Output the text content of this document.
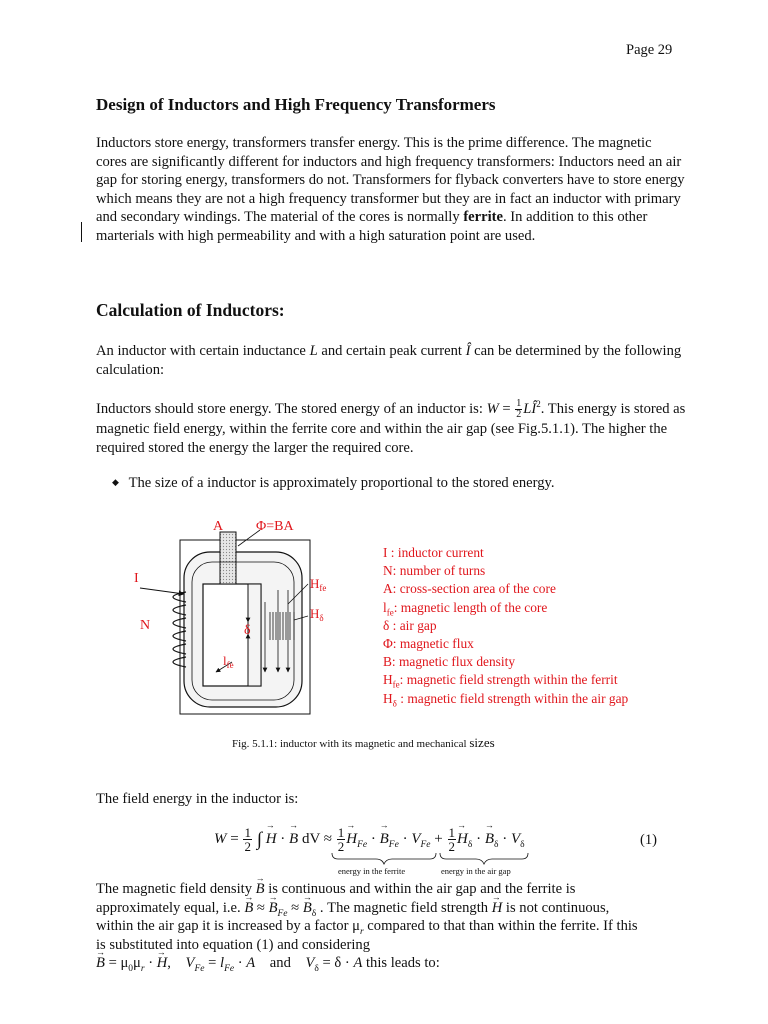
Page 29
Design of Inductors and High Frequency Transformers

Inductors store energy, transformers transfer energy. This is the prime difference. The magnetic cores are significantly different for inductors and high frequency transformers: Inductors need an air gap for storing energy, transformers do not. Transformers for flyback converters have to store energy which means they are not a high frequency transformer but they are in fact an inductor with primary and secondary windings. The material of the cores is normally ferrite. In addition to this other marterials with high permeability and with a high saturation point are used.

Calculation of Inductors:

An inductor with certain inductance L and certain peak current Î can be determined by the following calculation:

Inductors should store energy. The stored energy of an inductor is: $W = \frac{1}{2}$ $LÎ^2$. This energy is stored as magnetic field energy, within the ferrite core and within the air gap (see Fig.5.1.1). The higher the required stored the energy the larger the required core.

◆ The size of a inductor is approximately proportional to the stored energy.
A Φ=BA
I
N	δ
$l_{fe}$
$H_{fe}$
$H_\delta$
I : inductor current
N: number of turns
A: cross-section area of the core
$l_{fe}$: magnetic length of the core
δ : air gap
Φ: magnetic flux
B: magnetic flux density
$H_{fe}$: magnetic field strength within the ferrit
$H_\delta$ : magnetic field strength within the air gap
Fig. 5.1.1: inductor with its magnetic and mechanical sizes
The field energy in the inductor is:
$W = \frac{1}{2}$ ∫ → H · → B dV ≈ $\frac{1}{2}$
→ $H_{Fe}$ · → $B_{Fe} \cdot V_{Fe} + \frac{1}{2}$
→ $H_\delta$ · → $B_\delta \cdot V_\delta$	(1)
energy in the ferrite	energy in the air gap

The magnetic field density → B is continuous and within the air gap and the ferrite is

approximately equal, i.e. → B ≈ → $B_{Fe}$ ≈ → $B_\delta$ . The magnetic field strength → H is not continuous,

within the air gap it is increased by a factor $\mu_r$ compared to that than within the ferrite. If this

is substituted into equation (1) and considering

→ $B = \mu_0\mu_r$ · → H,    $V_{Fe} = l_{Fe} \cdot A$ and $V_\delta = \delta \cdot A$ this leads to:
